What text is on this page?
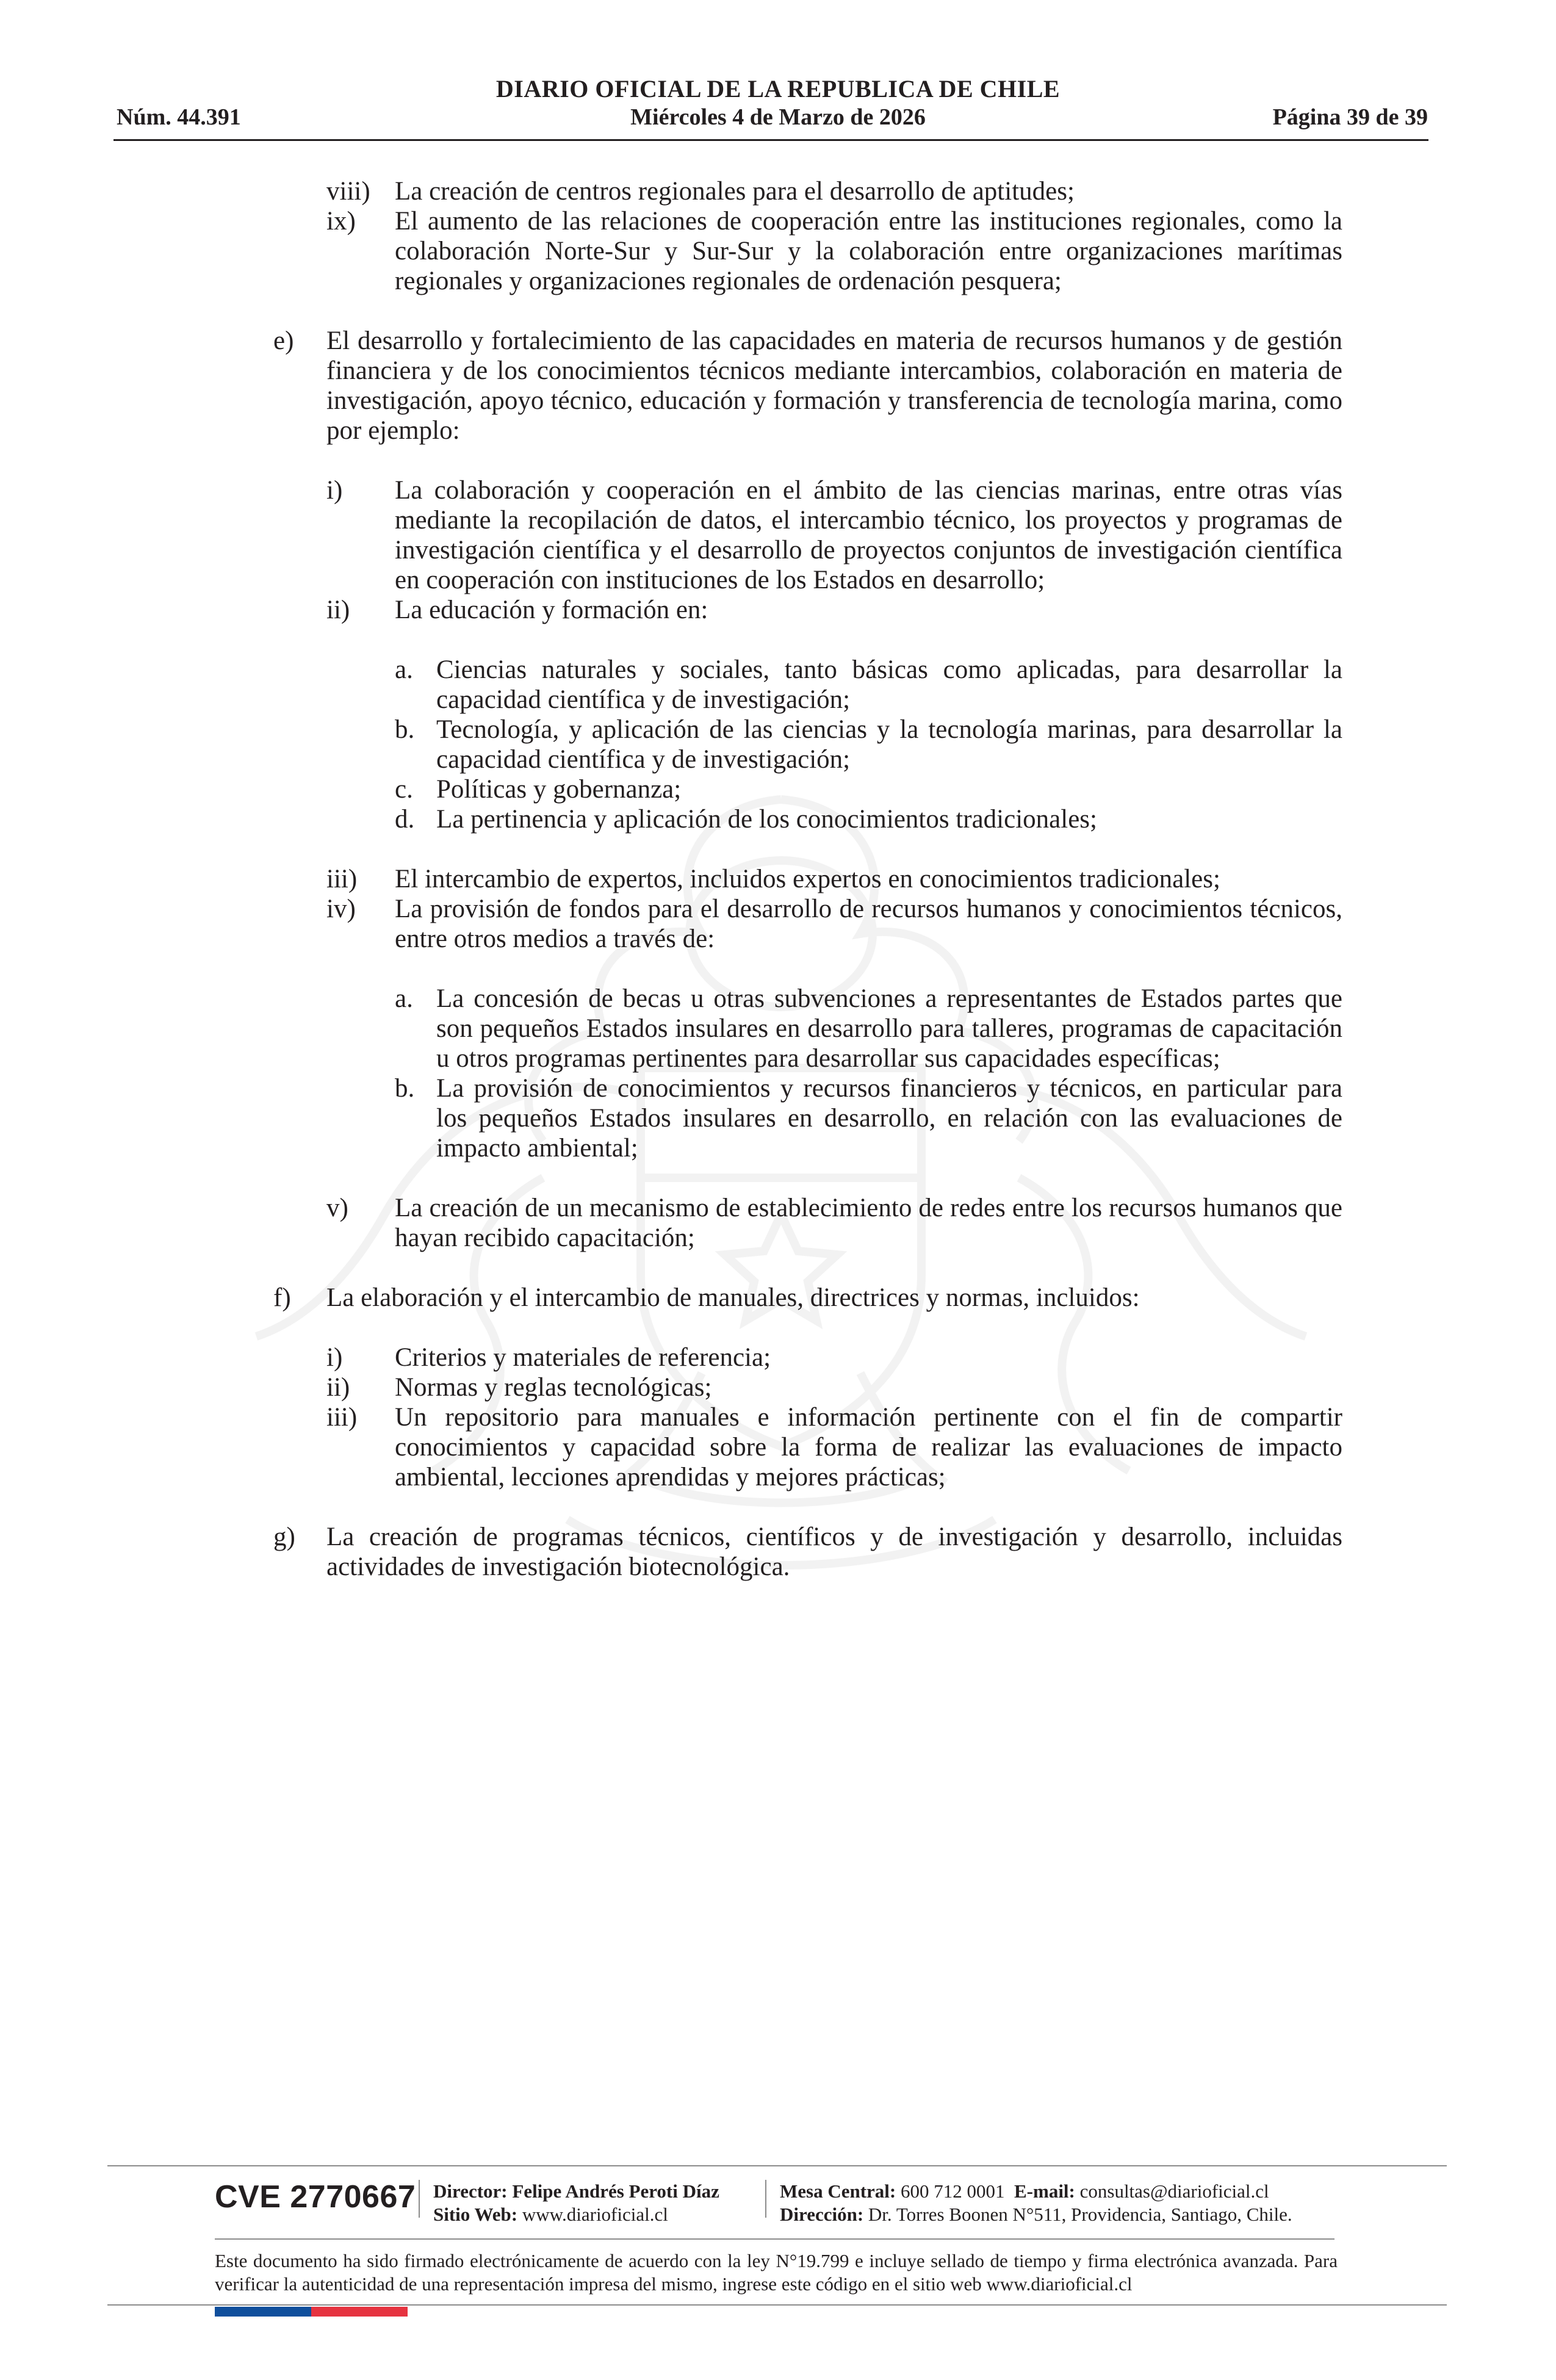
DIARIO OFICIAL DE LA REPUBLICA DE CHILE
Núm. 44.391	Miércoles 4 de Marzo de 2026	Página 39 de 39
viii) La creación de centros regionales para el desarrollo de aptitudes;
ix) El aumento de las relaciones de cooperación entre las instituciones regionales, como la colaboración Norte-Sur y Sur-Sur y la colaboración entre organizaciones marítimas regionales y organizaciones regionales de ordenación pesquera;
e) El desarrollo y fortalecimiento de las capacidades en materia de recursos humanos y de gestión financiera y de los conocimientos técnicos mediante intercambios, colaboración en materia de investigación, apoyo técnico, educación y formación y transferencia de tecnología marina, como por ejemplo:
i) La colaboración y cooperación en el ámbito de las ciencias marinas, entre otras vías mediante la recopilación de datos, el intercambio técnico, los proyectos y programas de investigación científica y el desarrollo de proyectos conjuntos de investigación científica en cooperación con instituciones de los Estados en desarrollo;
ii) La educación y formación en:
a. Ciencias naturales y sociales, tanto básicas como aplicadas, para desarrollar la capacidad científica y de investigación;
b. Tecnología, y aplicación de las ciencias y la tecnología marinas, para desarrollar la capacidad científica y de investigación;
c. Políticas y gobernanza;
d. La pertinencia y aplicación de los conocimientos tradicionales;
iii) El intercambio de expertos, incluidos expertos en conocimientos tradicionales;
iv) La provisión de fondos para el desarrollo de recursos humanos y conocimientos técnicos, entre otros medios a través de:
a. La concesión de becas u otras subvenciones a representantes de Estados partes que son pequeños Estados insulares en desarrollo para talleres, programas de capacitación u otros programas pertinentes para desarrollar sus capacidades específicas;
b. La provisión de conocimientos y recursos financieros y técnicos, en particular para los pequeños Estados insulares en desarrollo, en relación con las evaluaciones de impacto ambiental;
v) La creación de un mecanismo de establecimiento de redes entre los recursos humanos que hayan recibido capacitación;
f) La elaboración y el intercambio de manuales, directrices y normas, incluidos:
i) Criterios y materiales de referencia;
ii) Normas y reglas tecnológicas;
iii) Un repositorio para manuales e información pertinente con el fin de compartir conocimientos y capacidad sobre la forma de realizar las evaluaciones de impacto ambiental, lecciones aprendidas y mejores prácticas;
g) La creación de programas técnicos, científicos y de investigación y desarrollo, incluidas actividades de investigación biotecnológica.
CVE 2770667 Director: Felipe Andrés Peroti Díaz
Sitio Web: www.diarioficial.cl
Mesa Central: 600 712 0001 E-mail: consultas@diarioficial.cl
Dirección: Dr. Torres Boonen N°511, Providencia, Santiago, Chile.
Este documento ha sido firmado electrónicamente de acuerdo con la ley N°19.799 e incluye sellado de tiempo y firma electrónica avanzada. Para verificar la autenticidad de una representación impresa del mismo, ingrese este código en el sitio web www.diarioficial.cl
